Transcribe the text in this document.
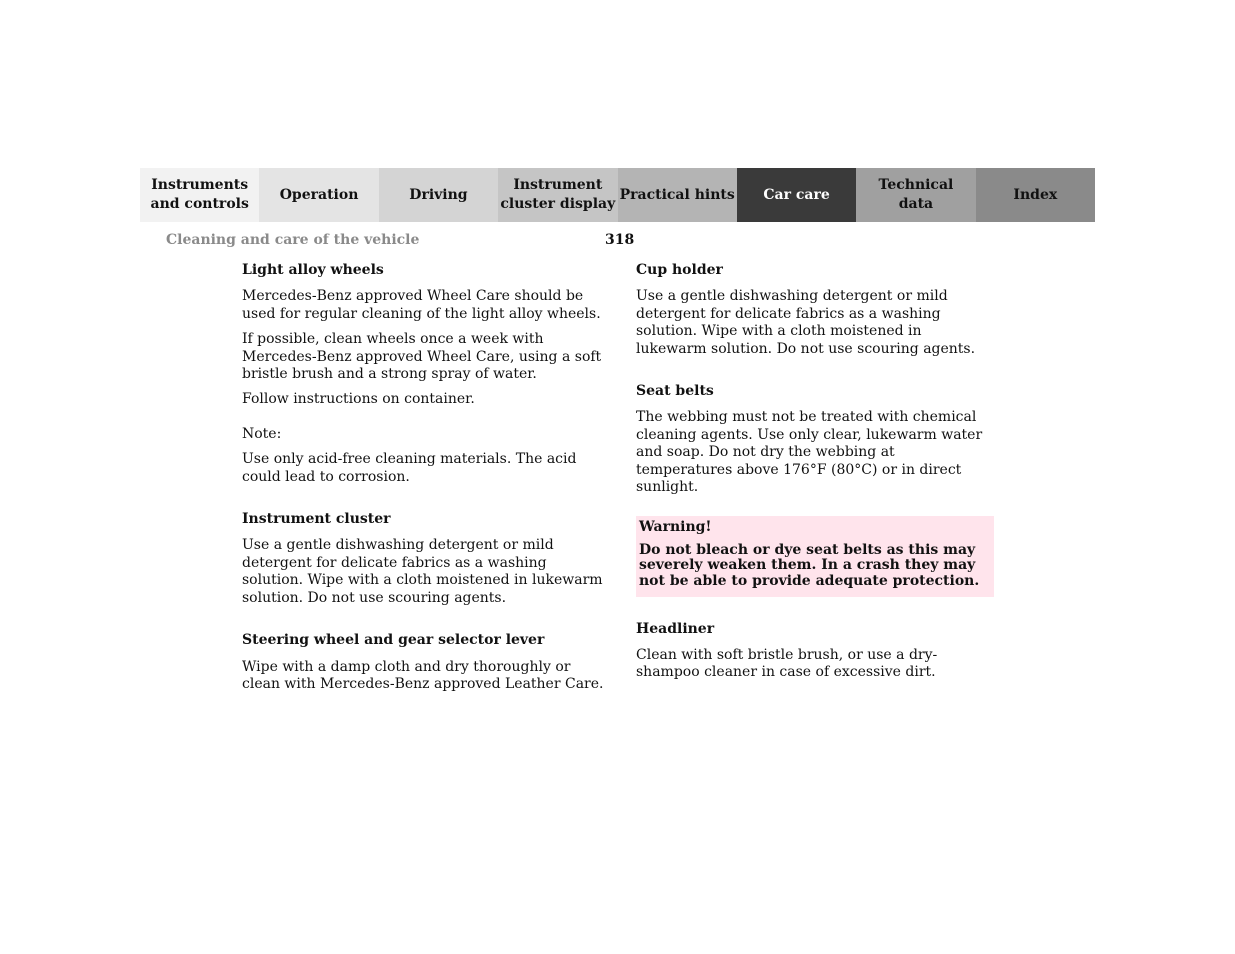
Instruments
and controls
Operation	Driving
Instrument
cluster display
Practical hints	Car care
Technical
data
Index
Cleaning and care of the vehicle	318
Light alloy wheels
Mercedes-Benz approved Wheel Care should be used for regular cleaning of the light alloy wheels.
If possible, clean wheels once a week with Mercedes-Benz approved Wheel Care, using a soft bristle brush and a strong spray of water.
Follow instructions on container.
Note:
Use only acid-free cleaning materials. The acid could lead to corrosion.
Instrument cluster
Use a gentle dishwashing detergent or mild detergent for delicate fabrics as a washing solution. Wipe with a cloth moistened in lukewarm solution. Do not use scouring agents.
Steering wheel and gear selector lever
Wipe with a damp cloth and dry thoroughly or clean with Mercedes-Benz approved Leather Care.
Cup holder
Use a gentle dishwashing detergent or mild detergent for delicate fabrics as a washing solution. Wipe with a cloth moistened in lukewarm solution. Do not use scouring agents.
Seat belts
The webbing must not be treated with chemical cleaning agents. Use only clear, lukewarm water and soap. Do not dry the webbing at temperatures above 176°F (80°C) or in direct sunlight.
Warning!
Do not bleach or dye seat belts as this may severely weaken them. In a crash they may not be able to provide adequate protection.
Headliner
Clean with soft bristle brush, or use a dry-shampoo cleaner in case of excessive dirt.
